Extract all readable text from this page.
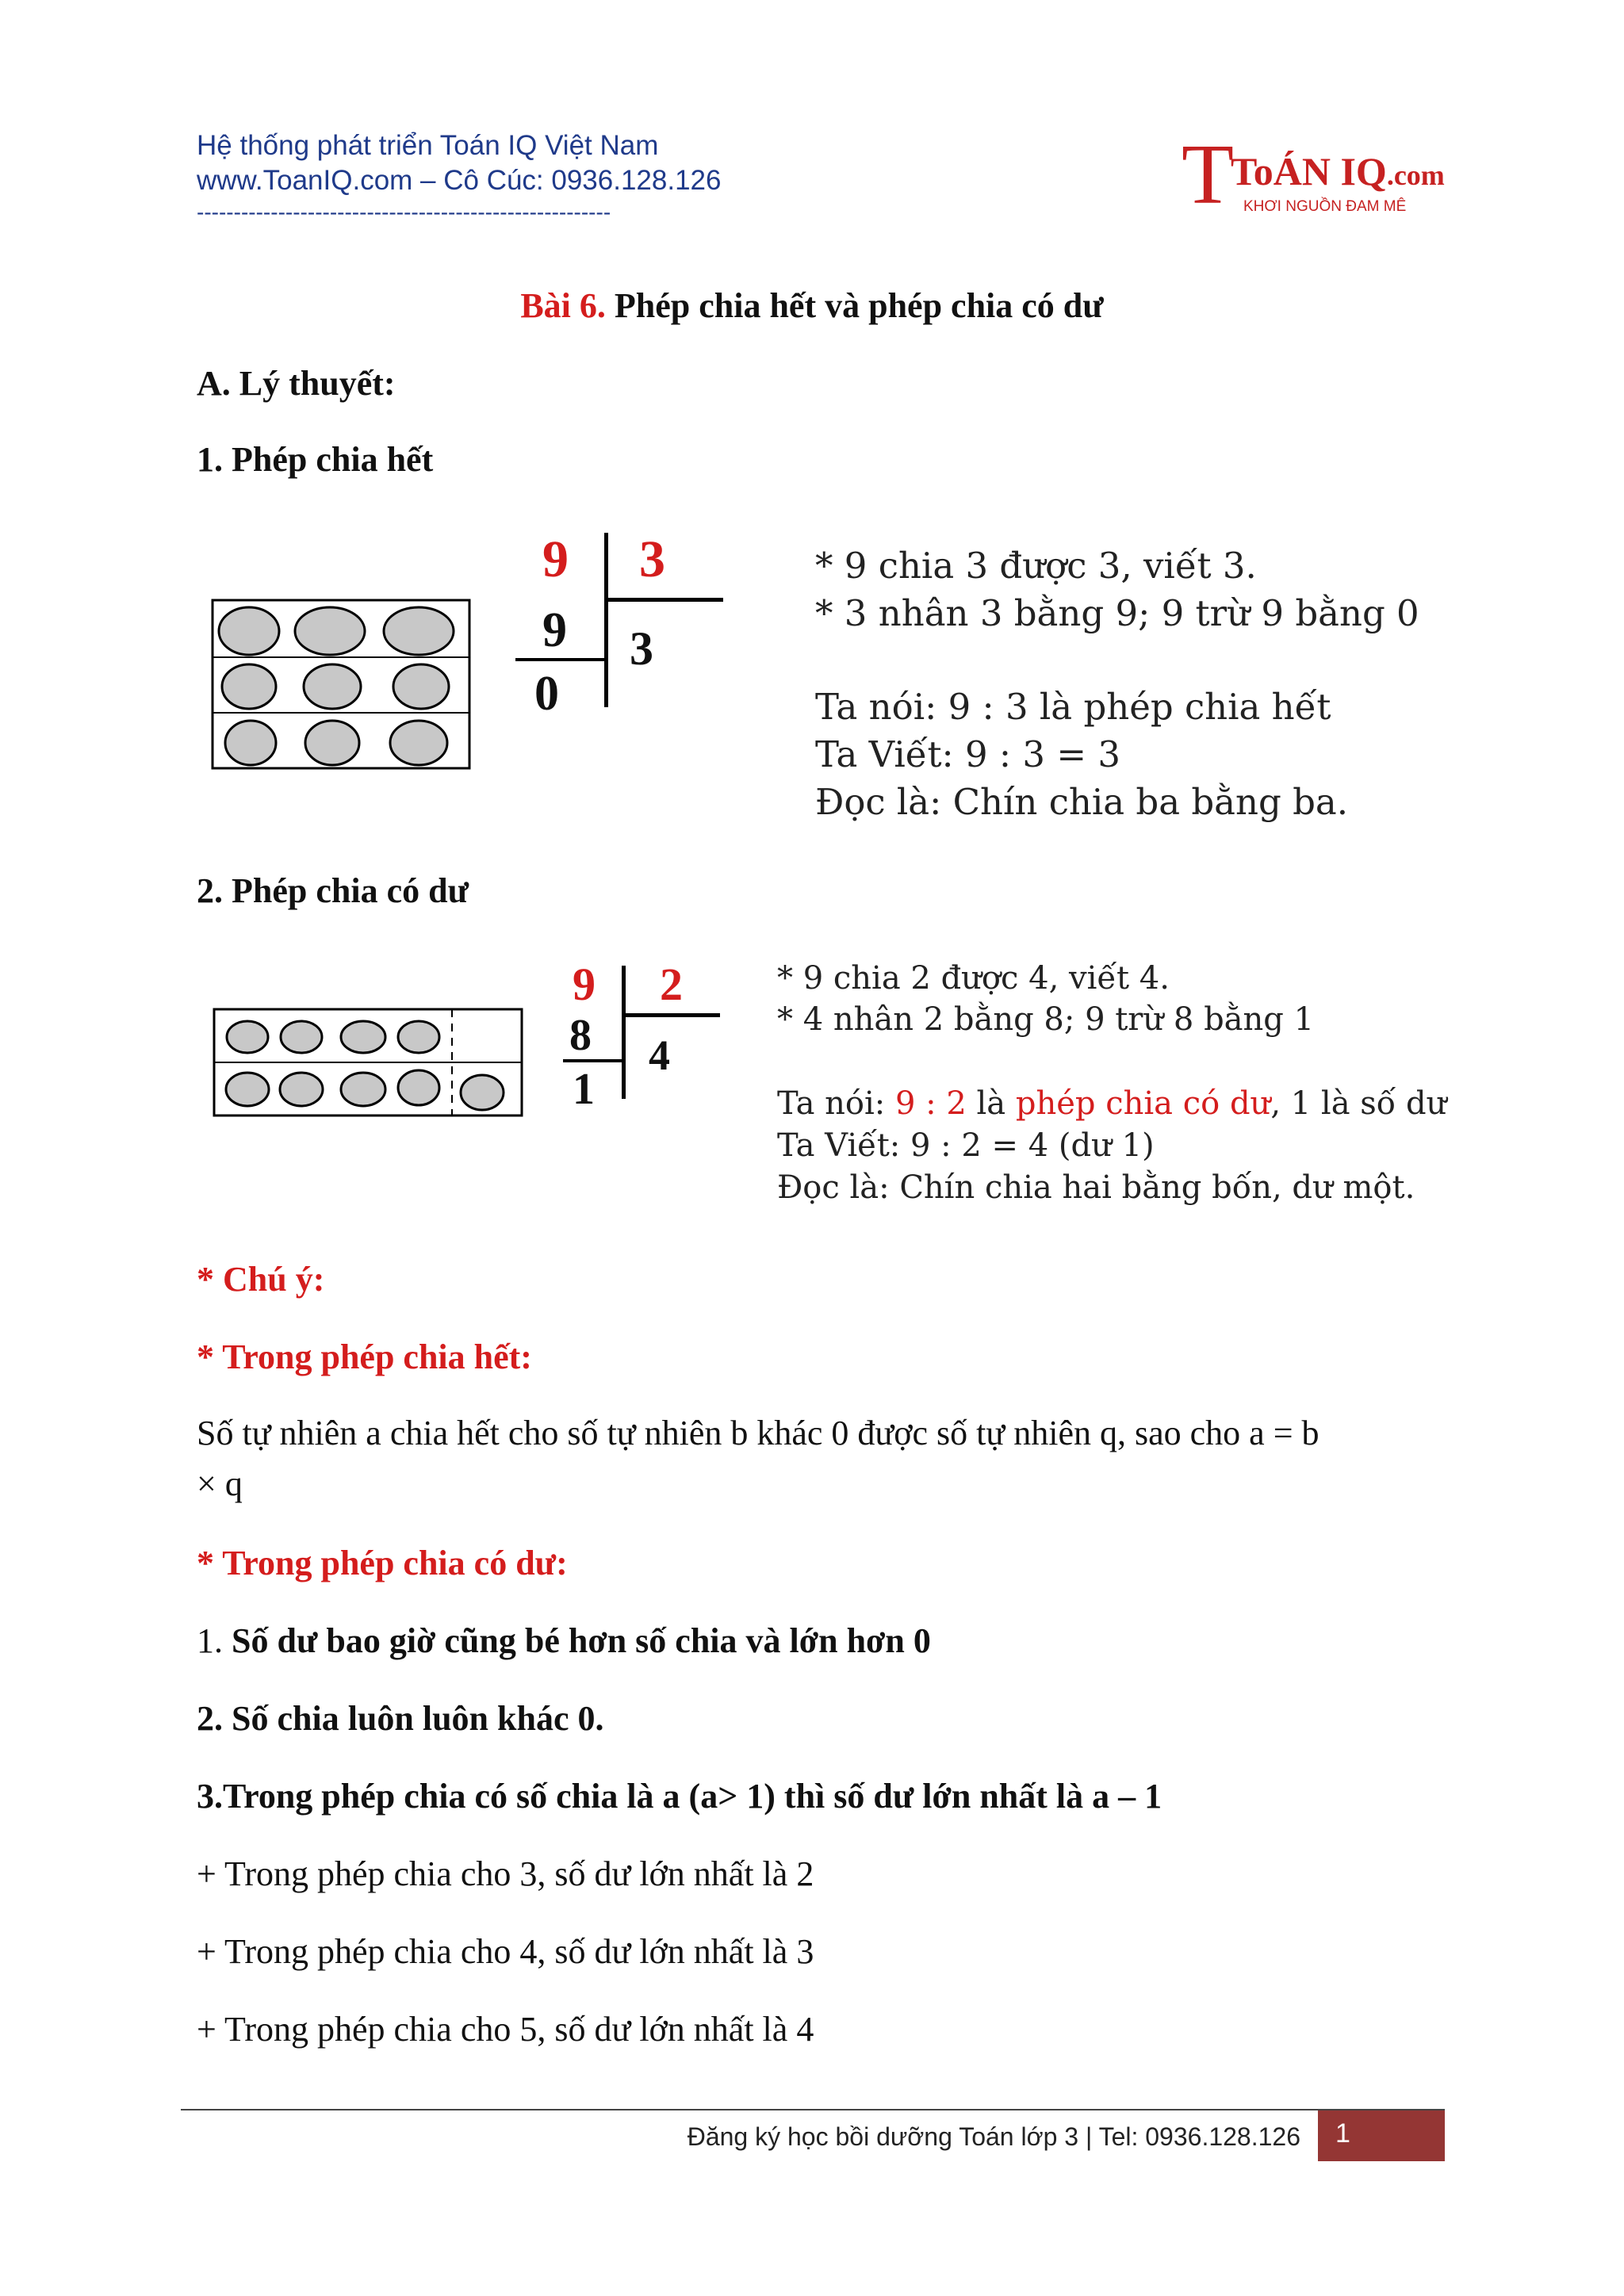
Hệ thống phát triển Toán IQ Việt Nam
www.ToanIQ.com – Cô Cúc: 0936.128.126
--------------------------------------------------------	T
ToÁN IQ.com
KHƠI NGUỒN ĐAM MÊ
Bài 6. Phép chia hết và phép chia có dư
A. Lý thuyết:
1. Phép chia hết
9 3
9 3
0
* 9 chia 3 được 3, viết 3.
* 3 nhân 3 bằng 9; 9 trừ 9 bằng 0
Ta nói: 9 : 3 là phép chia hết
Ta Viết: 9 : 3 = 3
Đọc là: Chín chia ba bằng ba.
2. Phép chia có dư
9 2
8 4
1
* 9 chia 2 được 4, viết 4.
* 4 nhân 2 bằng 8; 9 trừ 8 bằng 1
Ta nói: 9 : 2 là phép chia có dư, 1 là số dư
Ta Viết: 9 : 2 = 4 (dư 1)
Đọc là: Chín chia hai bằng bốn, dư một.
* Chú ý:
* Trong phép chia hết:
Số tự nhiên a chia hết cho số tự nhiên b khác 0 được số tự nhiên q, sao cho a = b
× q
* Trong phép chia có dư:
1. Số dư bao giờ cũng bé hơn số chia và lớn hơn 0
2. Số chia luôn luôn khác 0.
3.Trong phép chia có số chia là a (a> 1) thì số dư lớn nhất là a – 1
+ Trong phép chia cho 3, số dư lớn nhất là 2
+ Trong phép chia cho 4, số dư lớn nhất là 3
+ Trong phép chia cho 5, số dư lớn nhất là 4
Đăng ký học bồi dưỡng Toán lớp 3 | Tel: 0936.128.126 1
